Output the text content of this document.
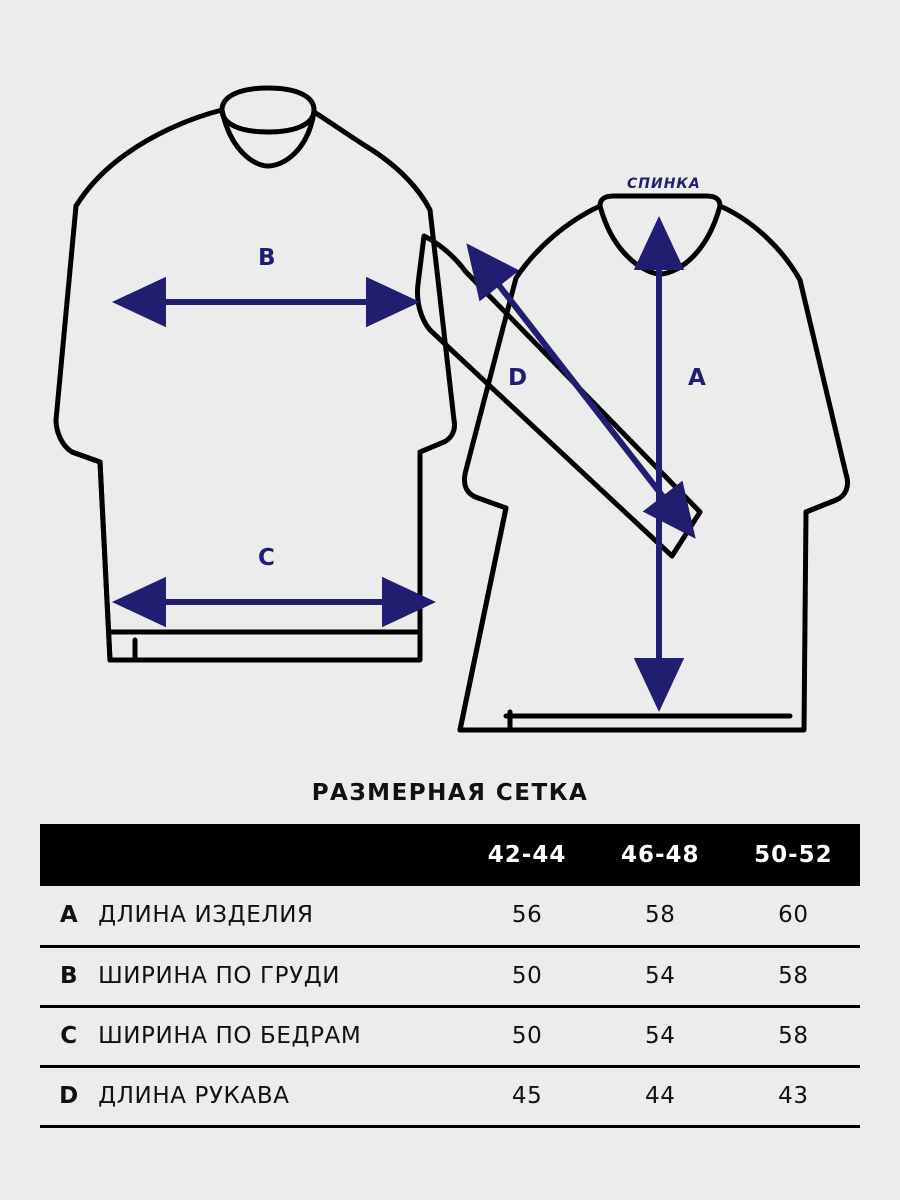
B
C
D	A
СПИНКА
РАЗМЕРНАЯ СЕТКА
		42-44	46-48	50-52
A	ДЛИНА ИЗДЕЛИЯ	56	58	60
B	ШИРИНА ПО ГРУДИ	50	54	58
C	ШИРИНА ПО БЕДРАМ	50	54	58
D	ДЛИНА РУКАВА	45	44	43
